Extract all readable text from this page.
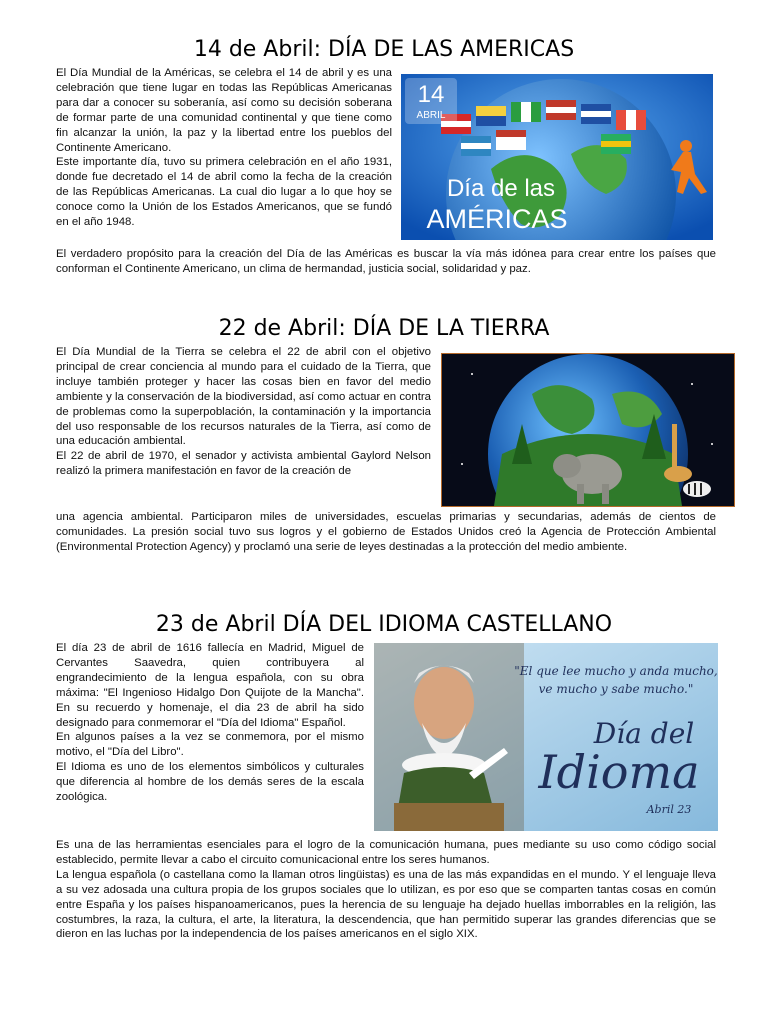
14 de Abril: DÍA DE LAS AMERICAS

El Día Mundial de la Américas, se celebra el 14 de abril y es una celebración que tiene lugar en todas las Repúblicas Americanas para dar a conocer su soberanía, así como su decisión soberana de formar parte de una comunidad continental y que tiene como fin alcanzar la unión, la paz y la libertad entre los pueblos del Continente Americano.

Este importante día, tuvo su primera celebración en el año 1931, donde fue decretado el 14 de abril como la fecha de la creación de las Repúblicas Americanas. La cual dio lugar a lo que hoy se conoce como la Unión de los Estados Americanos, que se fundó en el año 1948.

14
ABRIL
Día de las
AMÉRICAS

El verdadero propósito para la creación del Día de las Américas es buscar la vía más idónea para crear entre los países que conforman el Continente Americano, un clima de hermandad, justicia social, solidaridad y paz.

22 de Abril: DÍA DE LA TIERRA

El Día Mundial de la Tierra se celebra el 22 de abril con el objetivo principal de crear conciencia al mundo para el cuidado de la Tierra, que incluye también proteger y hacer las cosas bien en favor del medio ambiente y la conservación de la biodiversidad, así como actuar en contra de problemas como la superpoblación, la contaminación y la importancia del uso responsable de los recursos naturales de la Tierra, así como de una educación ambiental.

El 22 de abril de 1970, el senador y activista ambiental Gaylord Nelson realizó la primera manifestación en favor de la creación de

una agencia ambiental. Participaron miles de universidades, escuelas primarias y secundarias, además de cientos de comunidades. La presión social tuvo sus logros y el gobierno de Estados Unidos creó la Agencia de Protección Ambiental (Environmental Protection Agency) y proclamó una serie de leyes destinadas a la protección del medio ambiente.

23 de Abril DÍA DEL IDIOMA CASTELLANO

El día 23 de abril de 1616 fallecía en Madrid, Miguel de Cervantes Saavedra, quien contribuyera al engrandecimiento de la lengua española, con su obra máxima: "El Ingenioso Hidalgo Don Quijote de la Mancha". En su recuerdo y homenaje, el dia 23 de abril ha sido designado para conmemorar el "Día del Idioma" Español.

En algunos países a la vez se conmemora, por el mismo motivo, el "Día del Libro".

El Idioma es uno de los elementos simbólicos y culturales que diferencia al hombre de los demás seres de la escala zoológica.

"El que lee mucho y anda mucho,
ve mucho y sabe mucho."
Día del
Idioma
Abril 23

Es una de las herramientas esenciales para el logro de la comunicación humana, pues mediante su uso como código social establecido, permite llevar a cabo el circuito comunicacional entre los seres humanos.

La lengua española (o castellana como la llaman otros lingüistas) es una de las más expandidas en el mundo. Y el lenguaje lleva a su vez adosada una cultura propia de los grupos sociales que lo utilizan, es por eso que se comparten tantas cosas en común entre España y los países hispanoamericanos, pues la herencia de su lenguaje ha dejado huellas imborrables en la religión, las costumbres, la raza, la cultura, el arte, la literatura, la descendencia, que han permitido superar las grandes diferencias que se dieron en las luchas por la independencia de los países americanos en el siglo XIX.
